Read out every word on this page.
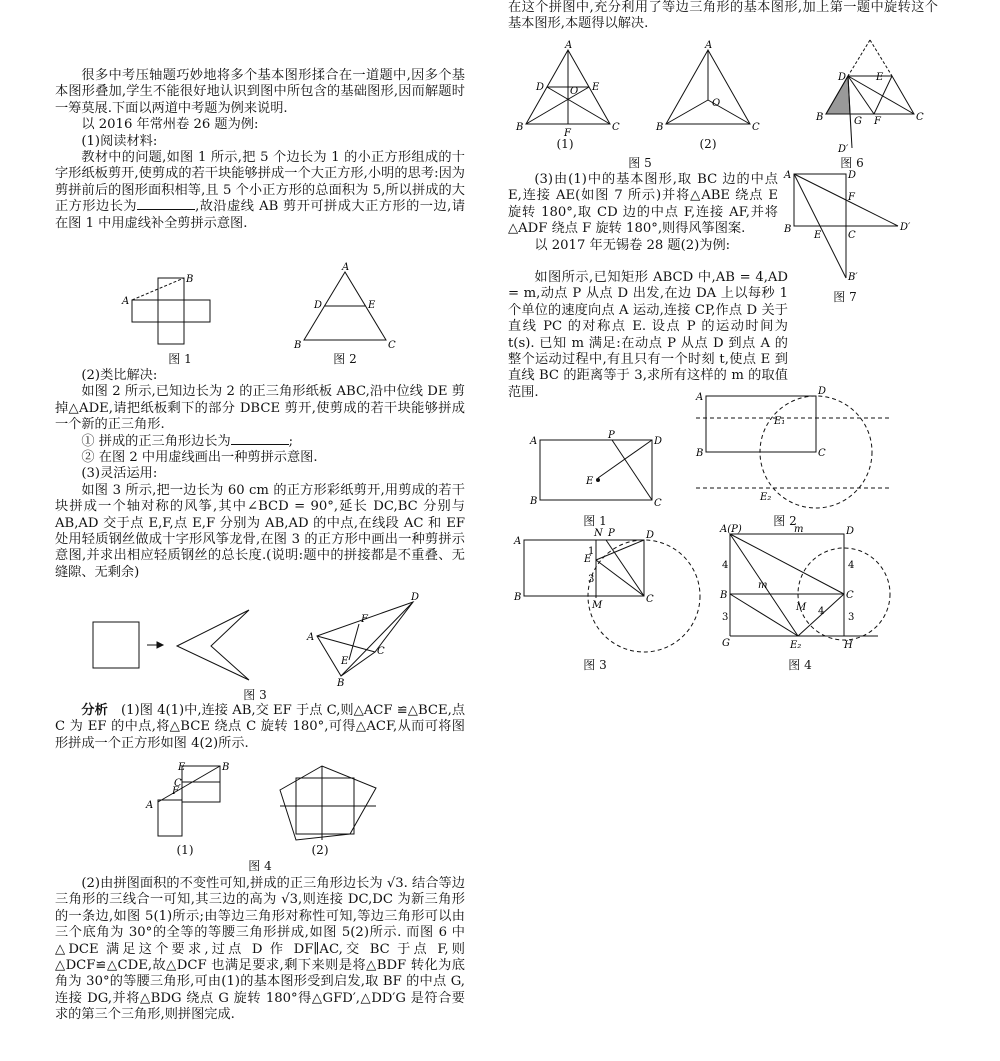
很多中考压轴题巧妙地将多个基本图形揉合在一道题中,因多个基本图形叠加,学生不能很好地认识到图中所包含的基础图形,因而解题时一筹莫展.下面以两道中考题为例来说明.

以 2016 年常州卷 26 题为例:

(1)阅读材料:

教材中的问题,如图 1 所示,把 5 个边长为 1 的小正方形组成的十字形纸板剪开,使剪成的若干块能够拼成一个大正方形,小明的思考:因为剪拼前后的图形面积相等,且 5 个小正方形的总面积为 5,所以拼成的大正方形边长为	,故沿虚线 AB 剪开可拼成大正方形的一边,请在图 1 中用虚线补全剪拼示意图.

A
B
图 1
A
D	E
B	C
图 2

(2)类比解决:

如图 2 所示,已知边长为 2 的正三角形纸板 ABC,沿中位线 DE 剪掉△ADE,请把纸板剩下的部分 DBCE 剪开,使剪成的若干块能够拼成一个新的正三角形.

① 拼成的正三角形边长为	;

② 在图 2 中用虚线画出一种剪拼示意图.

(3)灵活运用:

如图 3 所示,把一边长为 60 cm 的正方形彩纸剪开,用剪成的若干块拼成一个轴对称的风筝,其中∠BCD = 90°,延长 DC,BC 分别与 AB,AD 交于点 E,F,点 E,F 分别为 AB,AD 的中点,在线段 AC 和 EF 处用轻质钢丝做成十字形风筝龙骨,在图 3 的正方形中画出一种剪拼示意图,并求出相应轻质钢丝的总长度.(说明:题中的拼接都是不重叠、无缝隙、无剩余)

A
D
C
B
F
E
图 3

分析　 (1)图 4(1)中,连接 AB,交 EF 于点 C,则△ACF ≌△BCE,点 C 为 EF 的中点,将△BCE 绕点 C 旋转 180°,可得△ACF,从而可将图形拼成一个正方形如图 4(2)所示.

E	B
C
F
A
(1)	(2)
图 4

(2)由拼图面积的不变性可知,拼成的正三角形边长为 √3. 结合等边三角形的三线合一可知,其三边的高为 √3,则连接 DC,DC 为新三角形的一条边,如图 5(1)所示;由等边三角形对称性可知,等边三角形可以由三个底角为 30°的全等的等腰三角形拼成,如图 5(2)所示. 而图 6 中△DCE 满足这个要求,过点 D 作 DF∥AC,交 BC 于点 F,则△DCF≌△CDE,故△DCF 也满足要求,剩下来则是将△BDF 转化为底角为 30°的等腰三角形,可由(1)的基本图形受到启发,取 BF 的中点 G,连接 DG,并将△BDG 绕点 G 旋转 180°得△GFD′,△DD′G 是符合要求的第三个三角形,则拼图完成.

在这个拼图中,充分利用了等边三角形的基本图形,加上第一题中旋转这个基本图形,本题得以解决.

A
D	O E
B	C
F
A
O
B	C
(1)	(2)
图 5
D	E
B	C
G F
D′
图 6

(3)由(1)中的基本图形,取 BC 边的中点 E,连接 AE(如图 7 所示)并将△ABE 绕点 E 旋转 180°,取 CD 边的中点 F,连接 AF,并将△ADF 绕点 F 旋转 180°,则得风筝图案.

以 2017 年无锡卷 28 题(2)为例:

A	D
F
B
E	C
D′
B′
图 7

如图所示,已知矩形 ABCD 中,AB = 4,AD = m,动点 P 从点 D 出发,在边 DA 上以每秒 1 个单位的速度向点 A 运动,连接 CP,作点 D 关于直线 PC 的对称点 E. 设点 P 的运动时间为 t(s). 已知 m 满足:在动点 P 从点 D 到点 A 的整个运动过程中,有且只有一个时刻 t,使点 E 到直线 BC 的距离等于 3,求所有这样的 m 的取值范围.

A
P
D
E
B	C
图 1
A
D
E₁
B	C
E₂
图 2
A
N P	D
E
1
3
B
M
C
图 3
A(P)	m	D
4	4
B
m
C
M 4
3	3
G	E₂	H
图 4
